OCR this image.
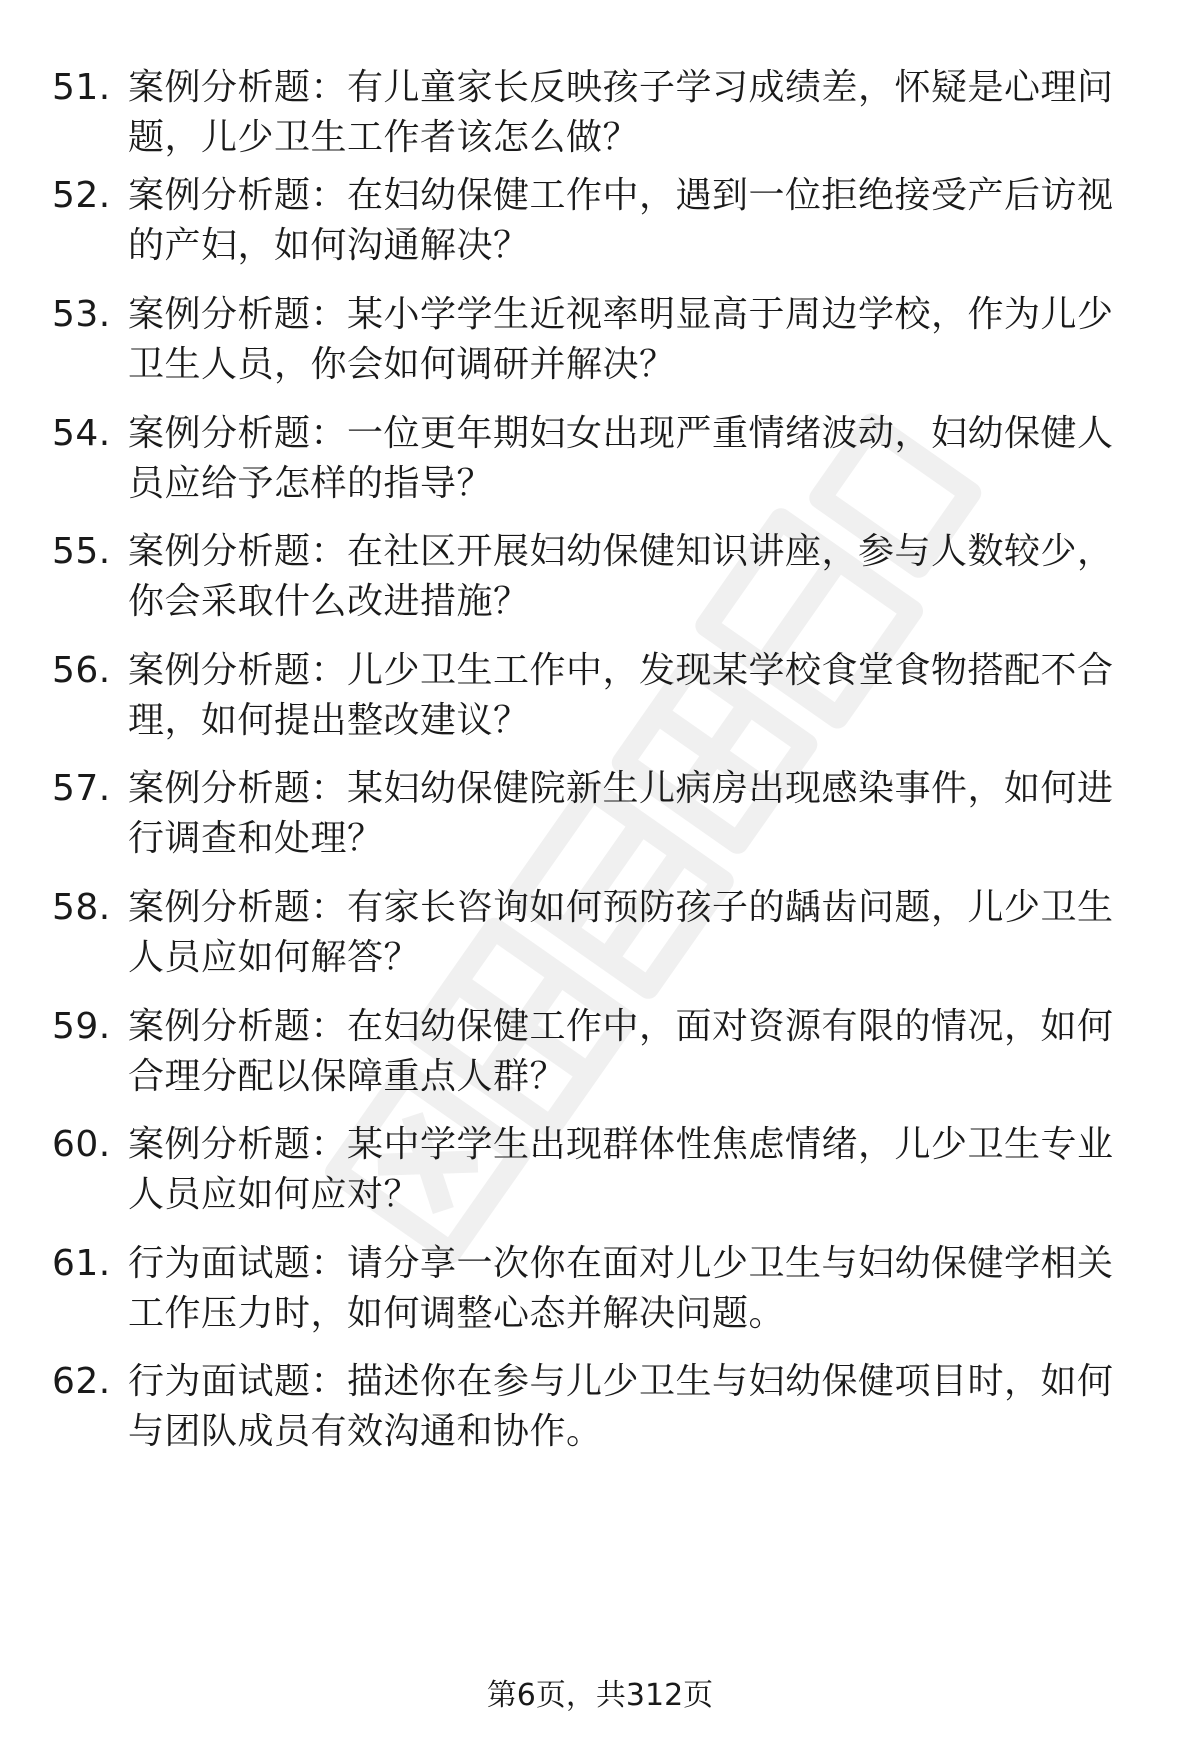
51. 案例分析题：有儿童家长反映孩子学习成绩差，怀疑是心理问题，儿少卫生工作者该怎么做？
52. 案例分析题：在妇幼保健工作中，遇到一位拒绝接受产后访视的产妇，如何沟通解决？
53. 案例分析题：某小学学生近视率明显高于周边学校，作为儿少卫生人员，你会如何调研并解决？
54. 案例分析题：一位更年期妇女出现严重情绪波动，妇幼保健人员应给予怎样的指导？
55. 案例分析题：在社区开展妇幼保健知识讲座，参与人数较少，你会采取什么改进措施？
56. 案例分析题：儿少卫生工作中，发现某学校食堂食物搭配不合理，如何提出整改建议？
57. 案例分析题：某妇幼保健院新生儿病房出现感染事件，如何进行调查和处理？
58. 案例分析题：有家长咨询如何预防孩子的龋齿问题，儿少卫生人员应如何解答？
59. 案例分析题：在妇幼保健工作中，面对资源有限的情况，如何合理分配以保障重点人群？
60. 案例分析题：某中学学生出现群体性焦虑情绪，儿少卫生专业人员应如何应对？
61. 行为面试题：请分享一次你在面对儿少卫生与妇幼保健学相关工作压力时，如何调整心态并解决问题。
62. 行为面试题：描述你在参与儿少卫生与妇幼保健项目时，如何与团队成员有效沟通和协作。
第6页，共312页
